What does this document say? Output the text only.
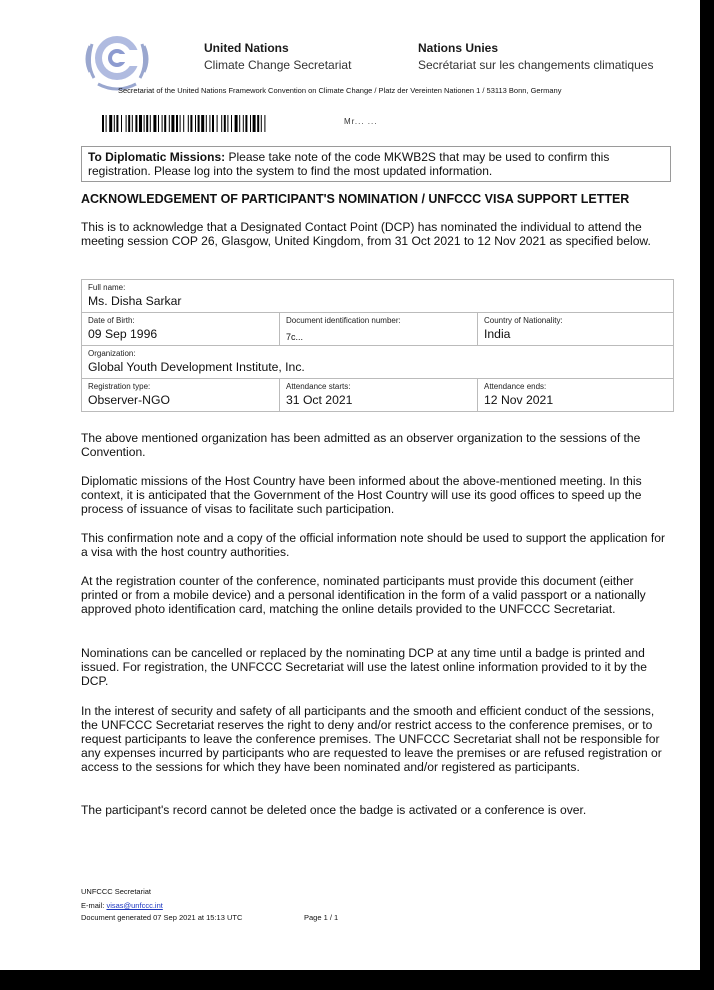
United Nations
Climate Change Secretariat
Nations Unies
Secrétariat sur les changements climatiques
Secretariat of the United Nations Framework Convention on Climate Change / Platz der Vereinten Nationen 1 / 53113 Bonn, Germany
Mr... ...
To Diplomatic Missions: Please take note of the code MKWB2S that may be used to confirm this registration. Please log into the system to find the most updated information.
ACKNOWLEDGEMENT OF PARTICIPANT'S NOMINATION / UNFCCC VISA SUPPORT LETTER
This is to acknowledge that a Designated Contact Point (DCP) has nominated the individual to attend the meeting session COP 26, Glasgow, United Kingdom, from 31 Oct 2021 to 12 Nov 2021 as specified below.
Full name:
Ms. Disha Sarkar
Date of Birth:
09 Sep 1996
Document identification number:
7c...
Country of Nationality:
India
Organization:
Global Youth Development Institute, Inc.
Registration type:
Observer-NGO
Attendance starts:
31 Oct 2021
Attendance ends:
12 Nov 2021
The above mentioned organization has been admitted as an observer organization to the sessions of the Convention.
Diplomatic missions of the Host Country have been informed about the above-mentioned meeting. In this context, it is anticipated that the Government of the Host Country will use its good offices to speed up the process of issuance of visas to facilitate such participation.
This confirmation note and a copy of the official information note should be used to support the application for a visa with the host country authorities.
At the registration counter of the conference, nominated participants must provide this document (either printed or from a mobile device) and a personal identification in the form of a valid passport or a nationally approved photo identification card, matching the online details provided to the UNFCCC Secretariat.
Nominations can be cancelled or replaced by the nominating DCP at any time until a badge is printed and issued. For registration, the UNFCCC Secretariat will use the latest online information provided to it by the DCP.
In the interest of security and safety of all participants and the smooth and efficient conduct of the sessions, the UNFCCC Secretariat reserves the right to deny and/or restrict access to the conference premises, or to request participants to leave the conference premises. The UNFCCC Secretariat shall not be responsible for any expenses incurred by participants who are requested to leave the premises or are refused registration or access to the sessions for which they have been nominated and/or registered as participants.
The participant's record cannot be deleted once the badge is activated or a conference is over.
UNFCCC Secretariat
E-mail: visas@unfccc.int
Document generated 07 Sep 2021 at 15:13 UTC	Page 1 / 1
